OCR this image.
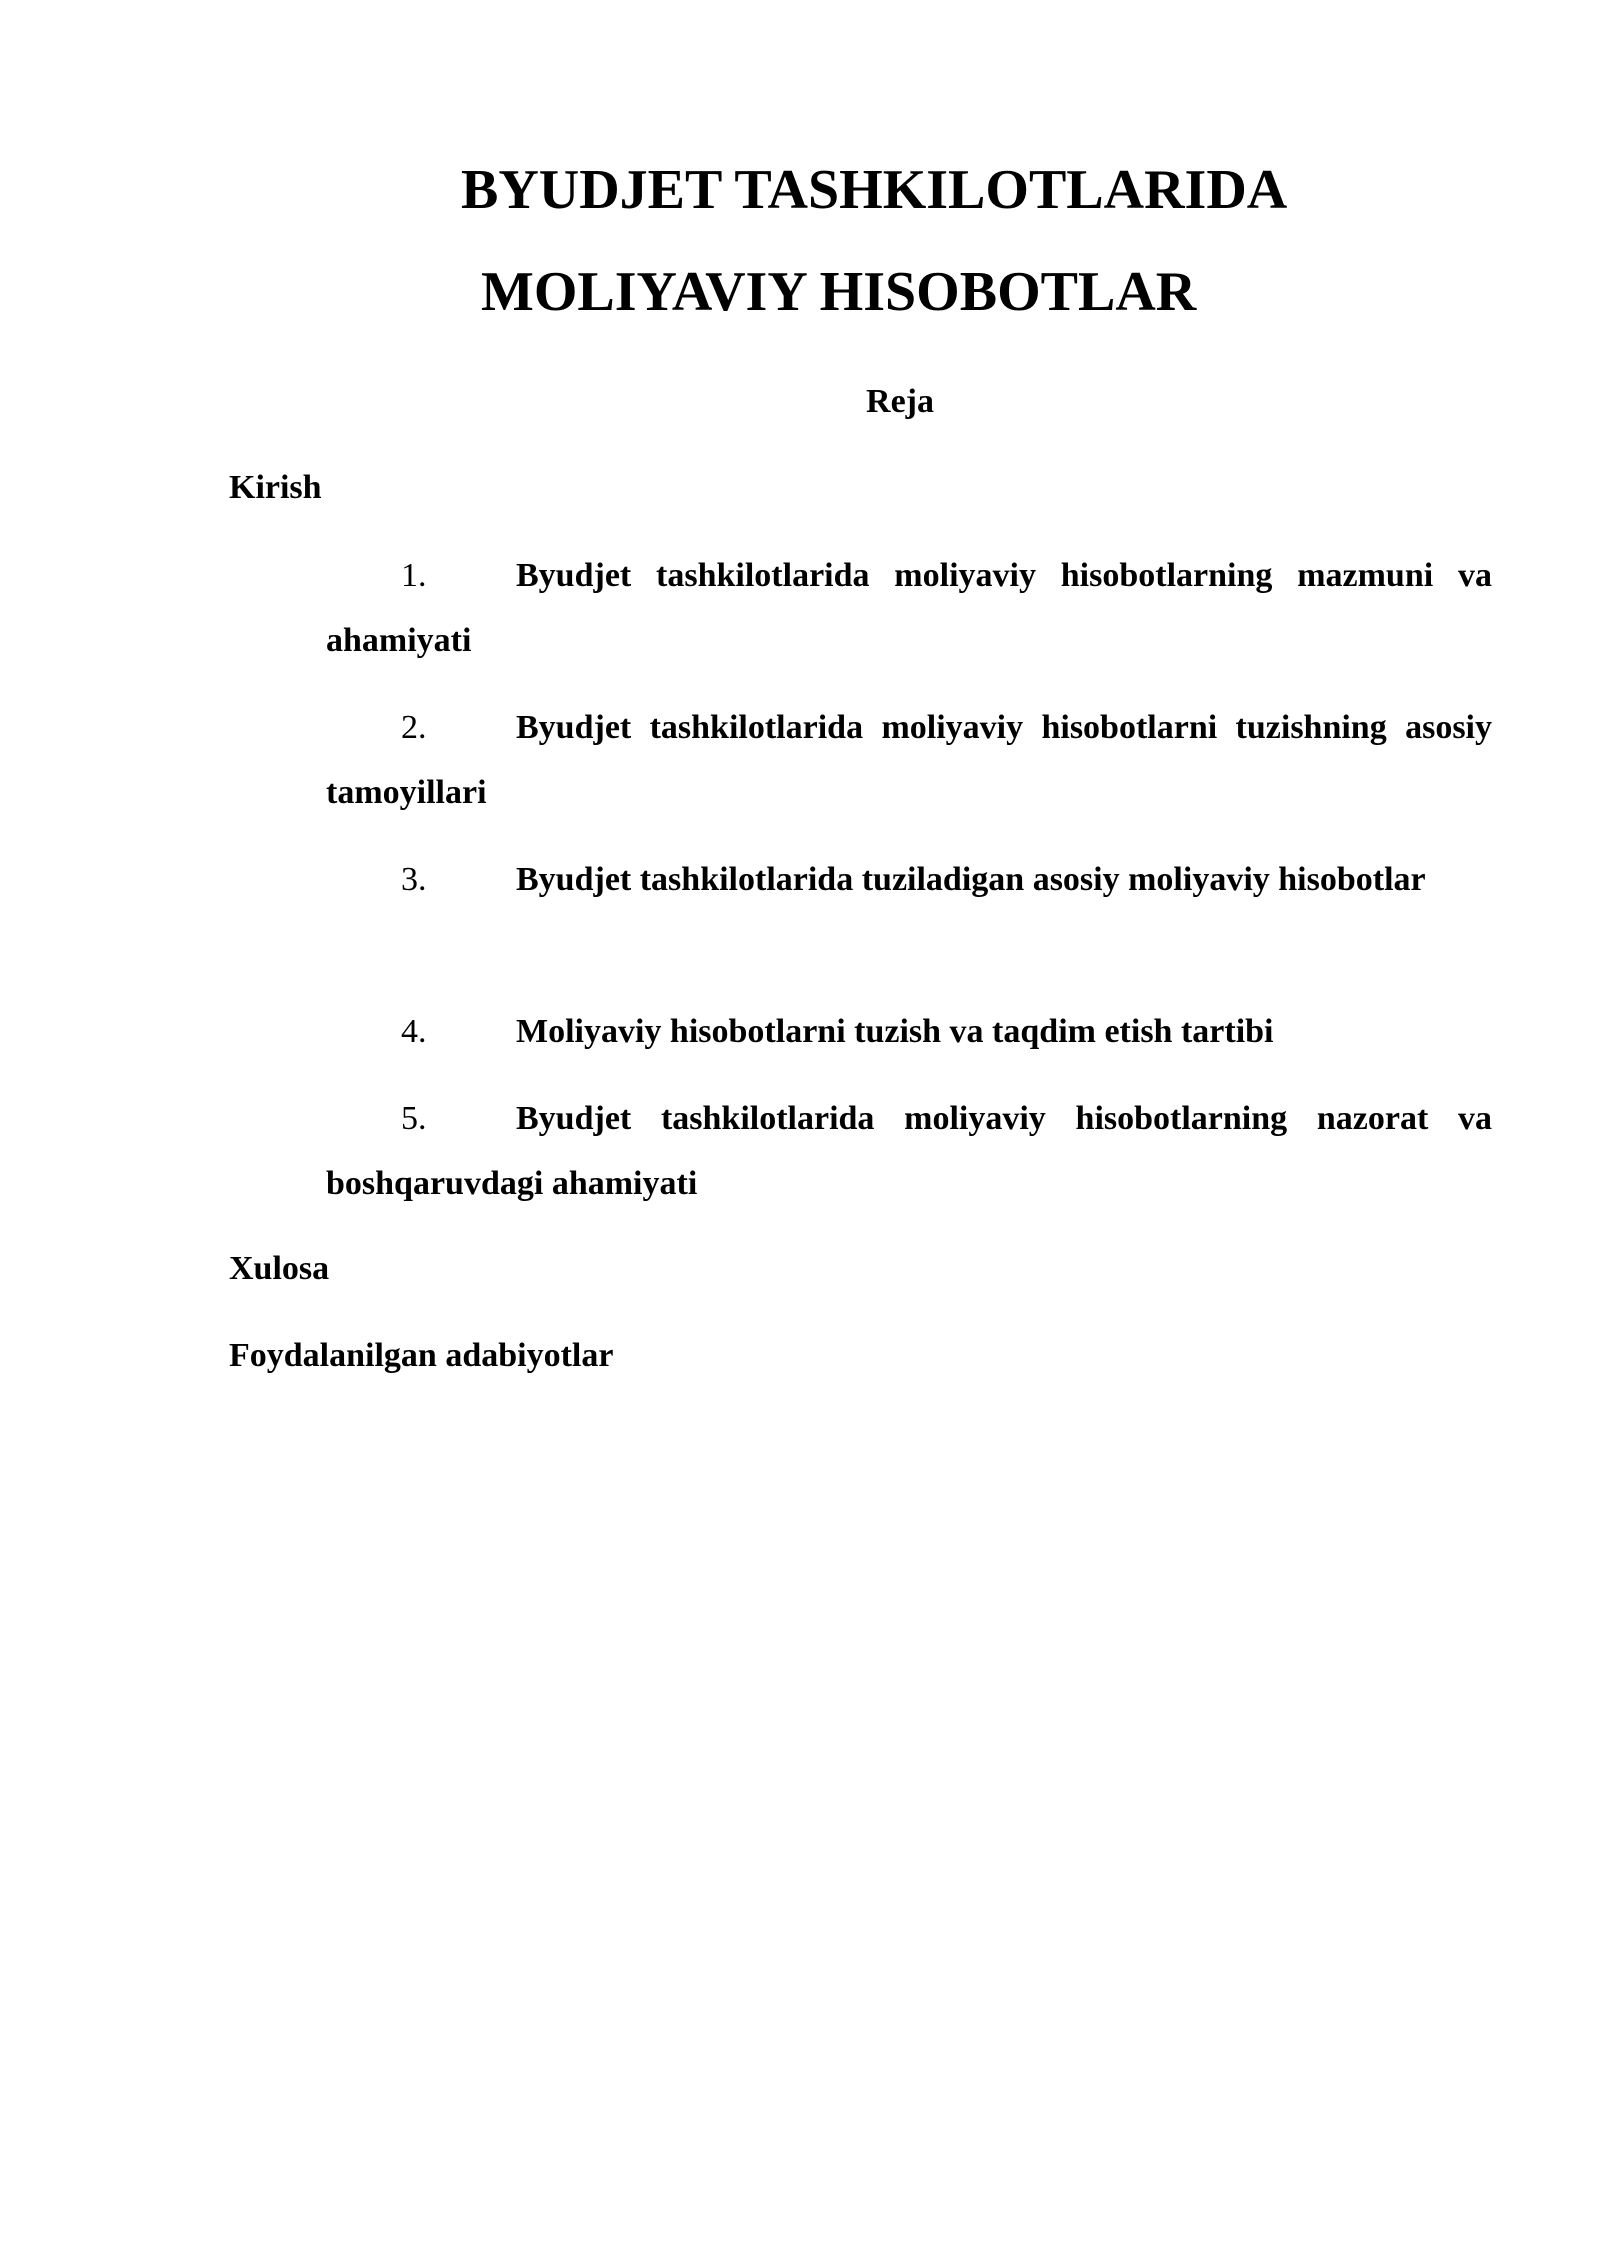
BYUDJET TASHKILOTLARIDA
MOLIYAVIY HISOBOTLAR
Reja
Kirish
1.	Byudjet tashkilotlarida moliyaviy hisobotlarning mazmuni va ahamiyati
2.	Byudjet tashkilotlarida moliyaviy hisobotlarni tuzishning asosiy tamoyillari
3.	Byudjet tashkilotlarida tuziladigan asosiy moliyaviy hisobotlar
4.	Moliyaviy hisobotlarni tuzish va taqdim etish tartibi
5.	Byudjet tashkilotlarida moliyaviy hisobotlarning nazorat va boshqaruvdagi ahamiyati
Xulosa
Foydalanilgan adabiyotlar
